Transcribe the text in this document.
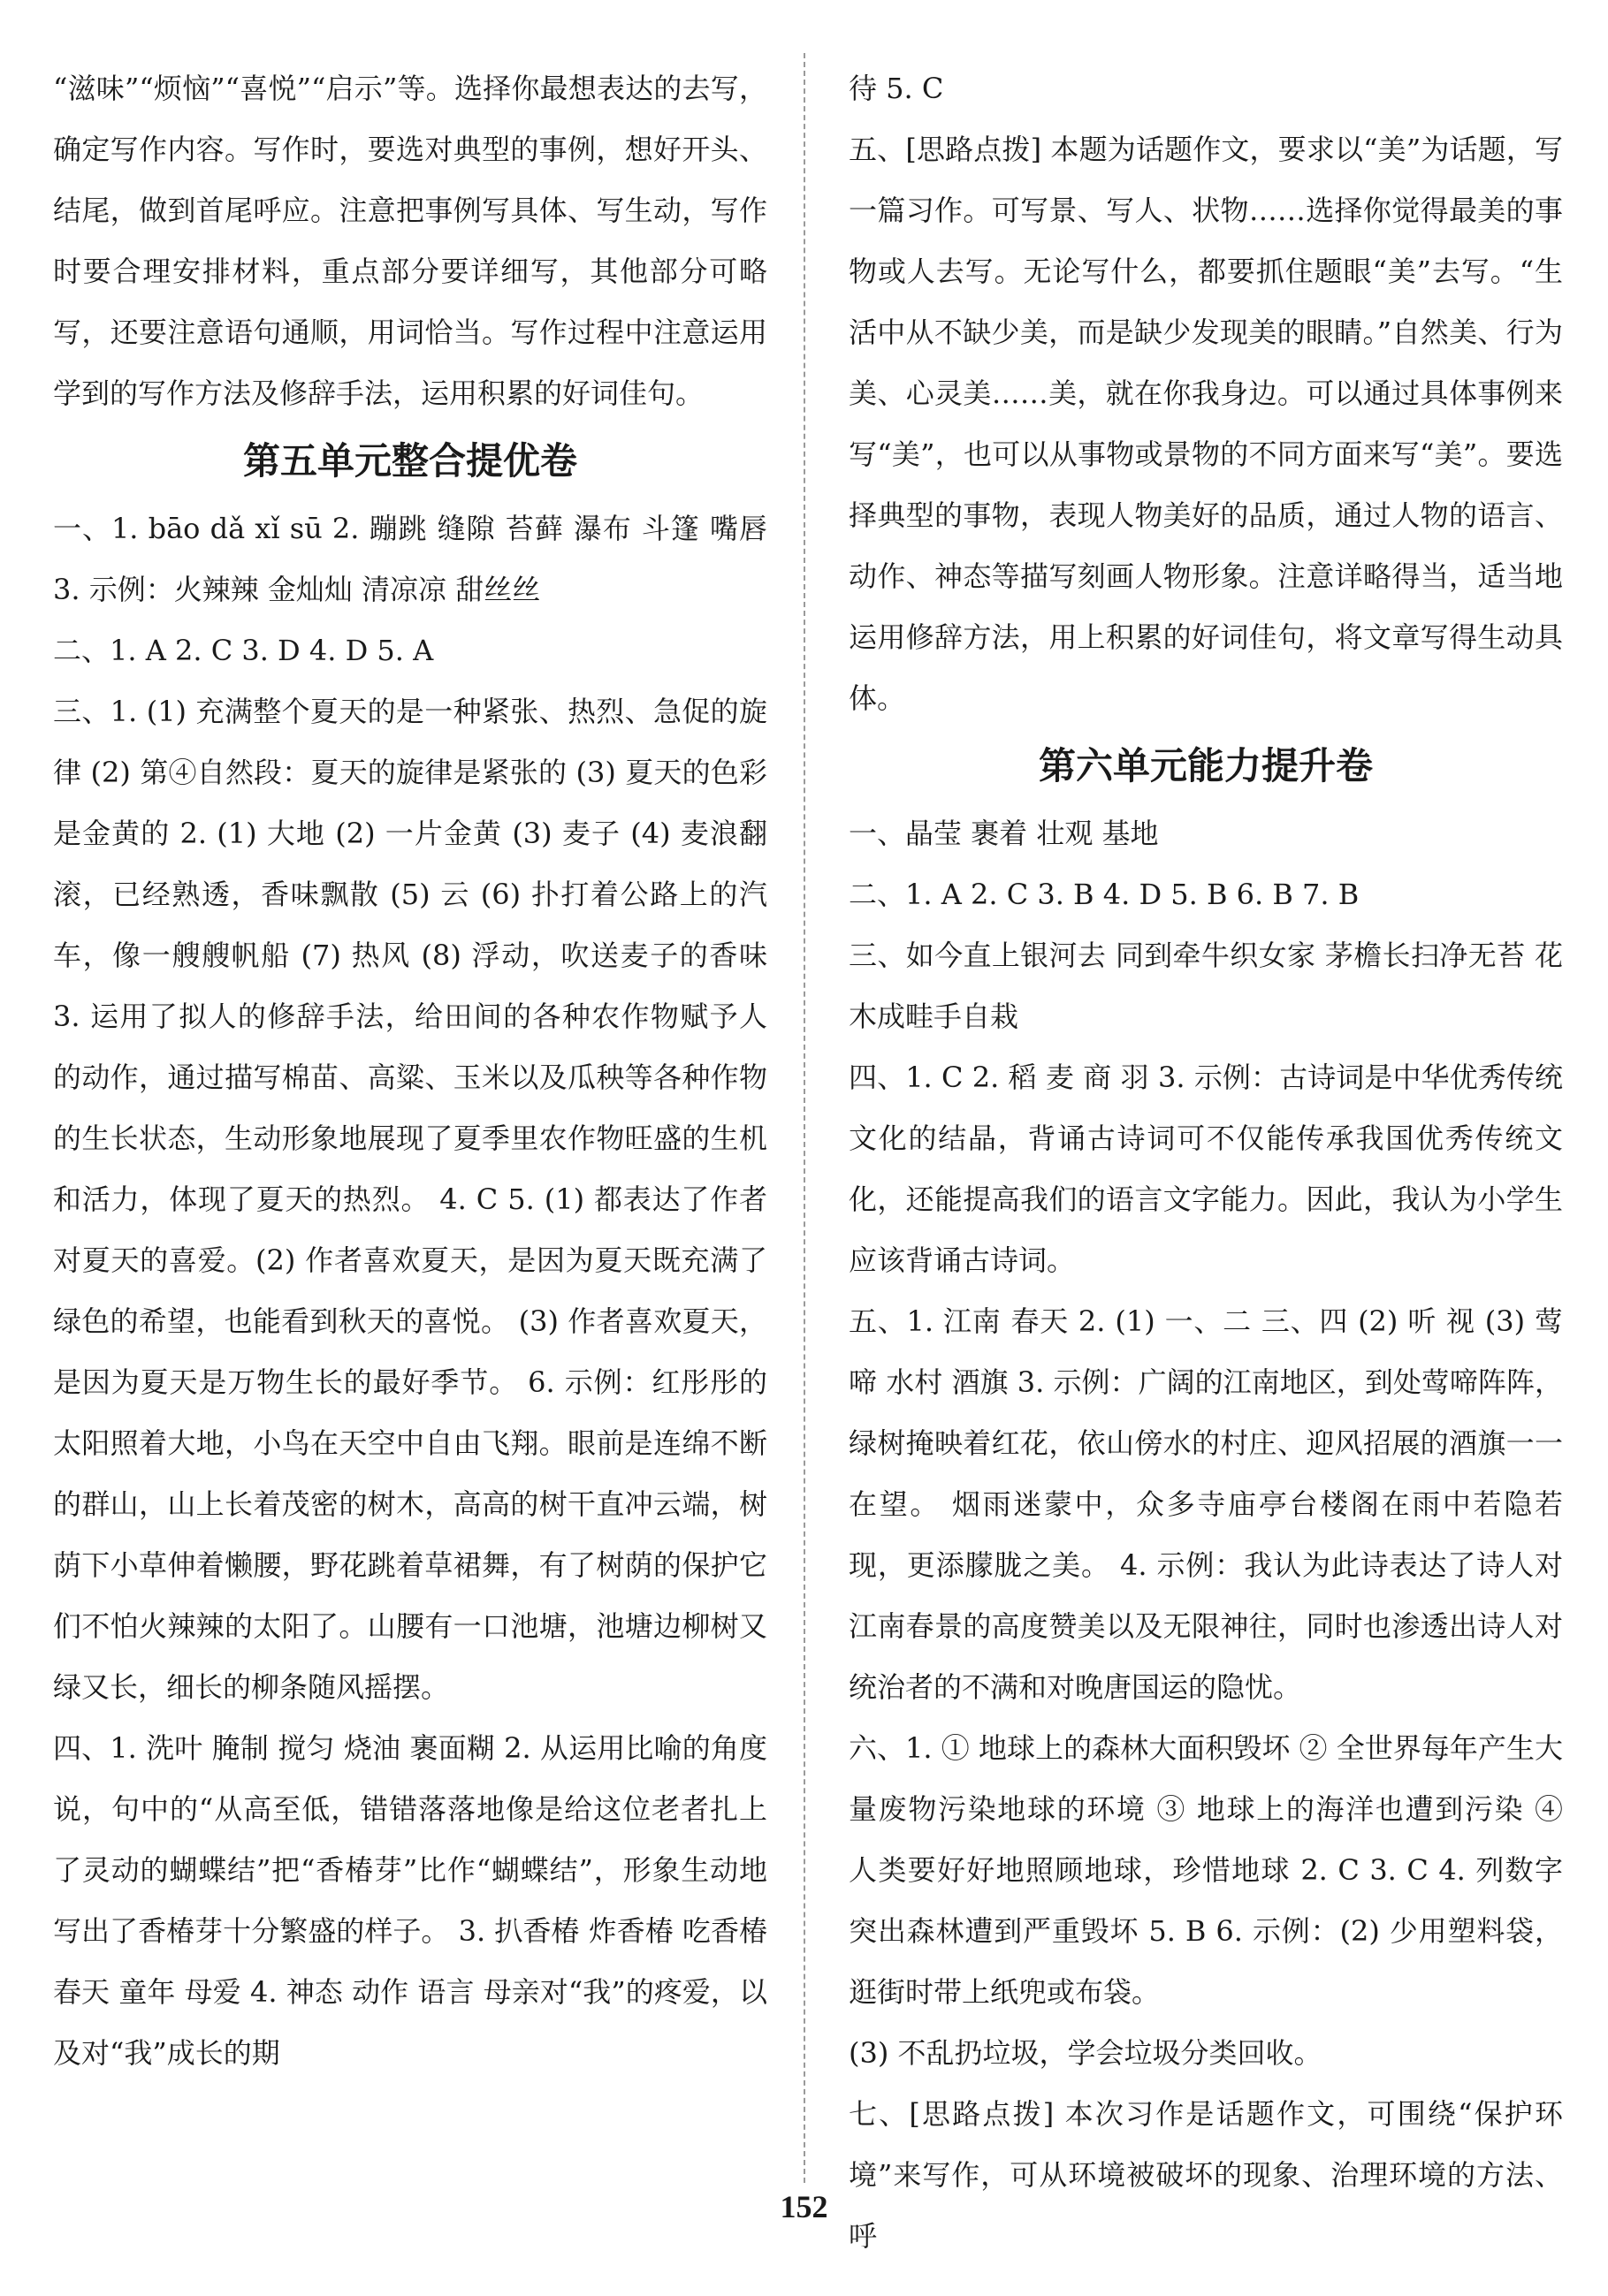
“滋味”“烦恼”“喜悦”“启示”等。选择你最想表达的去写，确定写作内容。写作时，要选对典型的事例，想好开头、结尾，做到首尾呼应。注意把事例写具体、写生动，写作时要合理安排材料，重点部分要详细写，其他部分可略写，还要注意语句通顺，用词恰当。写作过程中注意运用学到的写作方法及修辞手法，运用积累的好词佳句。

第五单元整合提优卷

一、1. bāo dǎ xǐ sū 2. 蹦跳 缝隙 苔藓 瀑布 斗篷 嘴唇 3. 示例：火辣辣 金灿灿 清凉凉 甜丝丝

二、1. A 2. C 3. D 4. D 5. A

三、1. (1) 充满整个夏天的是一种紧张、热烈、急促的旋律 (2) 第④自然段：夏天的旋律是紧张的 (3) 夏天的色彩是金黄的 2. (1) 大地 (2) 一片金黄 (3) 麦子 (4) 麦浪翻滚，已经熟透，香味飘散 (5) 云 (6) 扑打着公路上的汽车，像一艘艘帆船 (7) 热风 (8) 浮动，吹送麦子的香味 3. 运用了拟人的修辞手法，给田间的各种农作物赋予人的动作，通过描写棉苗、高粱、玉米以及瓜秧等各种作物的生长状态，生动形象地展现了夏季里农作物旺盛的生机和活力，体现了夏天的热烈。 4. C 5. (1) 都表达了作者对夏天的喜爱。(2) 作者喜欢夏天，是因为夏天既充满了绿色的希望，也能看到秋天的喜悦。 (3) 作者喜欢夏天，是因为夏天是万物生长的最好季节。 6. 示例：红彤彤的太阳照着大地，小鸟在天空中自由飞翔。眼前是连绵不断的群山，山上长着茂密的树木，高高的树干直冲云端，树荫下小草伸着懒腰，野花跳着草裙舞，有了树荫的保护它们不怕火辣辣的太阳了。山腰有一口池塘，池塘边柳树又绿又长，细长的柳条随风摇摆。

四、1. 洗叶 腌制 搅匀 烧油 裹面糊 2. 从运用比喻的角度说，句中的“从高至低，错错落落地像是给这位老者扎上了灵动的蝴蝶结”把“香椿芽”比作“蝴蝶结”，形象生动地写出了香椿芽十分繁盛的样子。 3. 扒香椿 炸香椿 吃香椿 春天 童年 母爱 4. 神态 动作 语言 母亲对“我”的疼爱，以及对“我”成长的期

待 5. C

五、[思路点拨] 本题为话题作文，要求以“美”为话题，写一篇习作。可写景、写人、状物……选择你觉得最美的事物或人去写。无论写什么，都要抓住题眼“美”去写。“生活中从不缺少美，而是缺少发现美的眼睛。”自然美、行为美、心灵美……美，就在你我身边。可以通过具体事例来写“美”，也可以从事物或景物的不同方面来写“美”。要选择典型的事物，表现人物美好的品质，通过人物的语言、动作、神态等描写刻画人物形象。注意详略得当，适当地运用修辞方法，用上积累的好词佳句，将文章写得生动具体。

第六单元能力提升卷

一、晶莹 裹着 壮观 基地

二、1. A 2. C 3. B 4. D 5. B 6. B 7. B

三、如今直上银河去 同到牵牛织女家 茅檐长扫净无苔 花木成畦手自栽

四、1. C 2. 稻 麦 商 羽 3. 示例：古诗词是中华优秀传统文化的结晶，背诵古诗词可不仅能传承我国优秀传统文化，还能提高我们的语言文字能力。因此，我认为小学生应该背诵古诗词。

五、1. 江南 春天 2. (1) 一、二 三、四 (2) 听 视 (3) 莺啼 水村 酒旗 3. 示例：广阔的江南地区，到处莺啼阵阵，绿树掩映着红花，依山傍水的村庄、迎风招展的酒旗一一在望。 烟雨迷蒙中，众多寺庙亭台楼阁在雨中若隐若现，更添朦胧之美。 4. 示例：我认为此诗表达了诗人对江南春景的高度赞美以及无限神往，同时也渗透出诗人对统治者的不满和对晚唐国运的隐忧。

六、1. ① 地球上的森林大面积毁坏 ② 全世界每年产生大量废物污染地球的环境 ③ 地球上的海洋也遭到污染 ④ 人类要好好地照顾地球，珍惜地球 2. C 3. C 4. 列数字 突出森林遭到严重毁坏 5. B 6. 示例：(2) 少用塑料袋，逛街时带上纸兜或布袋。

(3) 不乱扔垃圾，学会垃圾分类回收。

七、[思路点拨] 本次习作是话题作文，可围绕“保护环境”来写作，可从环境被破坏的现象、治理环境的方法、呼

152
